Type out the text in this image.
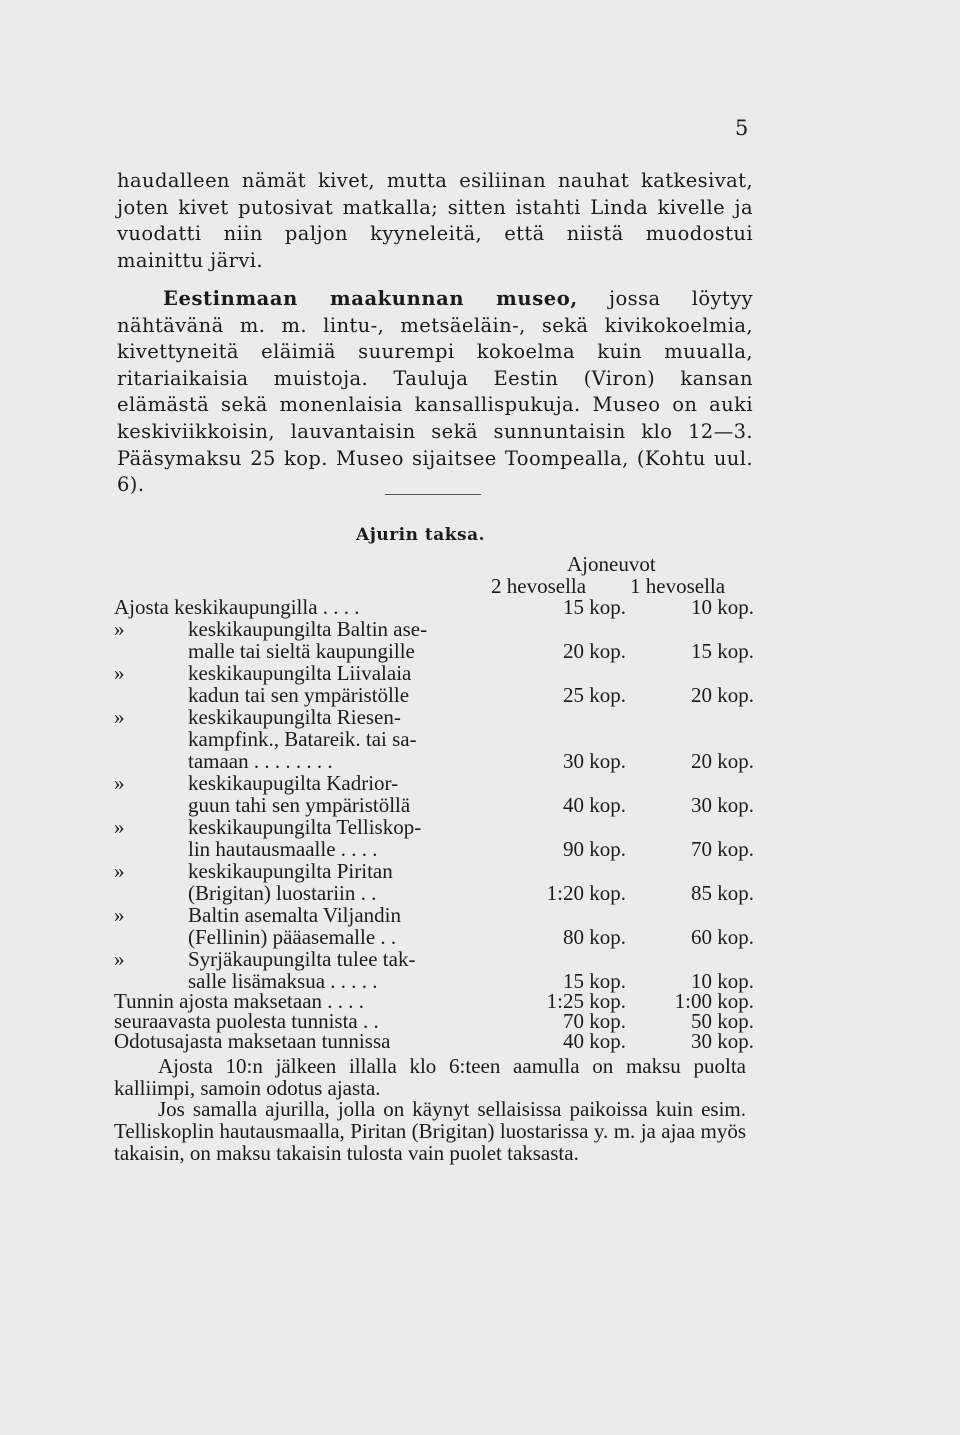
5
haudalleen nämät kivet, mutta esiliinan nauhat katkesivat, joten kivet putosivat matkalla; sitten istahti Linda kivelle ja vuodatti niin paljon kyyneleitä, että niistä muodostui mainittu järvi.
Eestinmaan maakunnan museo, jossa löytyy nähtävänä m. m. lintu-, metsäeläin-, sekä kivikokoelmia, kivettyneitä eläimiä suurempi kokoelma kuin muualla, ritariaikaisia muistoja. Tauluja Eestin (Viron) kansan elämästä sekä monenlaisia kansallispukuja. Museo on auki keskiviikkoisin, lauvantaisin sekä sunnuntaisin klo 12—3. Pääsymaksu 25 kop. Museo sijaitsee Toompealla, (Kohtu uul. 6).
Ajurin taksa.
Ajoneuvot
2 hevosella 1 hevosella
Ajosta keskikaupungilla . . . .	15 kop.	10 kop.
»	keskikaupungilta Baltin ase-
malle tai sieltä kaupungille	20 kop.	15 kop.
»	keskikaupungilta Liivalaia
kadun tai sen ympäristölle	25 kop.	20 kop.
»	keskikaupungilta Riesen-
kampfink., Batareik. tai sa-
tamaan . . . . . . . .	30 kop.	20 kop.
»	keskikaupugilta Kadrior-
guun tahi sen ympäristöllä	40 kop.	30 kop.
»	keskikaupungilta Telliskop-
lin hautausmaalle . . . .	90 kop.	70 kop.
»	keskikaupungilta Piritan
(Brigitan) luostariin . .	1:20 kop.	85 kop.
»	Baltin asemalta Viljandin
(Fellinin) pääasemalle . .	80 kop.	60 kop.
»	Syrjäkaupungilta tulee tak-
salle lisämaksua . . . . .	15 kop.	10 kop.
Tunnin ajosta maksetaan . . . .	1:25 kop. 1:00 kop.
seuraavasta puolesta tunnista . .	70 kop.	50 kop.
Odotusajasta maksetaan tunnissa	40 kop.	30 kop.

Ajosta 10:n jälkeen illalla klo 6:teen aamulla on maksu puolta kalliimpi, samoin odotus ajasta.

Jos samalla ajurilla, jolla on käynyt sellaisissa paikoissa kuin esim. Telliskoplin hautausmaalla, Piritan (Brigitan) luostarissa y. m. ja ajaa myös takaisin, on maksu takaisin tulosta vain puolet taksasta.
